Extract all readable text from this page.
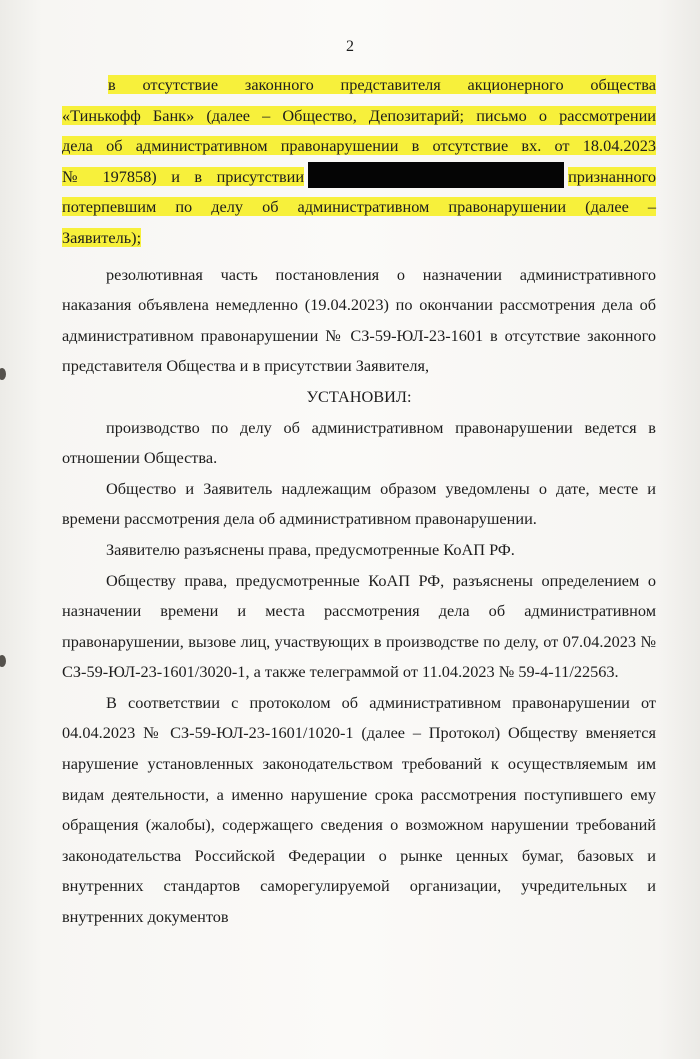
2

в отсутствие законного представителя акционерного общества

«Тинькофф Банк» (далее – Общество, Депозитарий; письмо о рассмотрении

дела об административном правонарушении в отсутствие вх. от 18.04.2023

№ 197858) и в присутствии	признанного

потерпевшим по делу об административном правонарушении (далее –

Заявитель);

резолютивная часть постановления о назначении административного наказания объявлена немедленно (19.04.2023) по окончании рассмотрения дела об административном правонарушении № СЗ-59-ЮЛ-23-1601 в отсутствие законного представителя Общества и в присутствии Заявителя,

УСТАНОВИЛ:

производство по делу об административном правонарушении ведется в отношении Общества.

Общество и Заявитель надлежащим образом уведомлены о дате, месте и времени рассмотрения дела об административном правонарушении.

Заявителю разъяснены права, предусмотренные КоАП РФ.

Обществу права, предусмотренные КоАП РФ, разъяснены определением о назначении времени и места рассмотрения дела об административном правонарушении, вызове лиц, участвующих в производстве по делу, от 07.04.2023 № СЗ-59-ЮЛ-23-1601/3020-1, а также телеграммой от 11.04.2023 № 59-4-11/22563.

В соответствии с протоколом об административном правонарушении от 04.04.2023 № СЗ-59-ЮЛ-23-1601/1020-1 (далее – Протокол) Обществу вменяется нарушение установленных законодательством требований к осуществляемым им видам деятельности, а именно нарушение срока рассмотрения поступившего ему обращения (жалобы), содержащего сведения о возможном нарушении требований законодательства Российской Федерации о рынке ценных бумаг, базовых и внутренних стандартов саморегулируемой организации, учредительных и внутренних документов
